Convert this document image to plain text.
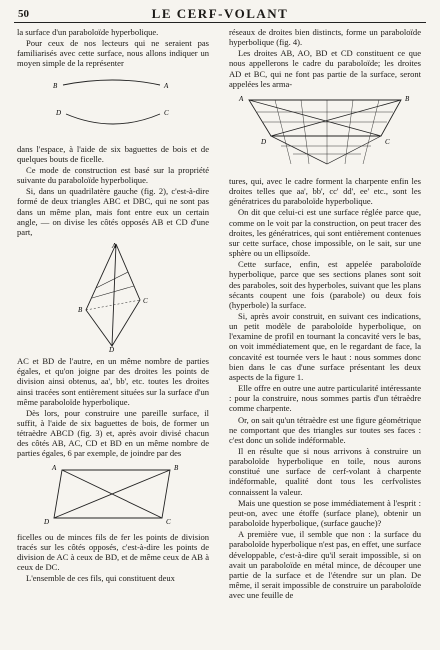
50	LE CERF-VOLANT

la surface d'un paraboloïde hyperbolique.

Pour ceux de nos lecteurs qui ne seraient pas familiarisés avec cette surface, nous allons indiquer un moyen simple de la représenter

B	A
D	C

dans l'espace, à l'aide de six baguettes de bois et de quelques bouts de ficelle.

Ce mode de construction est basé sur la propriété suivante du paraboloïde hyperbolique.

Si, dans un quadrilatère gauche (fig. 2), c'est-à-dire formé de deux triangles ABC et DBC, qui ne sont pas dans un même plan, mais font entre eux un certain angle, — on divise les côtés opposés AB et CD d'une part,

A
B
C
D

AC et BD de l'autre, en un même nombre de parties égales, et qu'on joigne par des droites les points de division ainsi obtenus, aa', bb', etc. toutes les droites ainsi tracées sont entièrement situées sur la surface d'un même paraboloïde hyperbolique.

Dès lors, pour construire une pareille surface, il suffit, à l'aide de six baguettes de bois, de former un tétraèdre ABCD (fig. 3) et, après avoir divisé chacun des côtés AB, AC, CD et BD en un même nombre de parties égales, 6 par exemple, de joindre par des

A	B
C
D

ficelles ou de minces fils de fer les points de division tracés sur les côtés opposés, c'est-à-dire les points de division de AC à ceux de BD, et de même ceux de AB à ceux de DC.

L'ensemble de ces fils, qui constituent deux

réseaux de droites bien distincts, forme un paraboloïde hyperbolique (fig. 4).

Les droites AB, AO, BD et CD constituent ce que nous appellerons le cadre du paraboloïde; les droites AD et BC, qui ne font pas partie de la surface, seront appelées les arma-

A	B
C
D

tures, qui, avec le cadre forment la charpente enfin les droites telles que aa', bb', cc' dd', ee' etc., sont les génératrices du paraboloïde hyperbolique.

On dit que celui-ci est une surface réglée parce que, comme on le voit par la construction, on peut tracer des droites, les génératrices, qui sont entièrement contenues sur cette surface, chose impossible, on le sait, sur une sphère ou un ellipsoïde.

Cette surface, enfin, est appelée paraboloïde hyperbolique, parce que ses sections planes sont soit des paraboles, soit des hyperboles, suivant que les plans sécants coupent une fois (parabole) ou deux fois (hyperbole) la surface.

Si, après avoir construit, en suivant ces indications, un petit modèle de paraboloïde hyperbolique, on l'examine de profil en tournant la concavité vers le bas, on voit immédiatement que, en le regardant de face, la concavité est tournée vers le haut : nous sommes donc bien dans le cas d'une surface présentant les deux aspects de la figure 1.

Elle offre en outre une autre particularité intéressante : pour la construire, nous sommes partis d'un tétraèdre comme charpente.

Or, on sait qu'un tétraèdre est une figure géométrique ne comportant que des triangles sur toutes ses faces : c'est donc un solide indéformable.

Il en résulte que si nous arrivons à construire un paraboloïde hyperbolique en toile, nous aurons constitué une surface de cerf-volant à charpente indéformable, qualité dont tous les cerfvolistes connaissent la valeur.

Mais une question se pose immédiatement à l'esprit : peut-on, avec une étoffe (surface plane), obtenir un paraboloïde hyperbolique, (surface gauche)?

A première vue, il semble que non : la surface du paraboloïde hyperbolique n'est pas, en effet, une surface développable, c'est-à-dire qu'il serait impossible, si on avait un paraboloïde en métal mince, de découper une partie de la surface et de l'étendre sur un plan. De même, il serait impossible de construire un paraboloïde avec une feuille de
